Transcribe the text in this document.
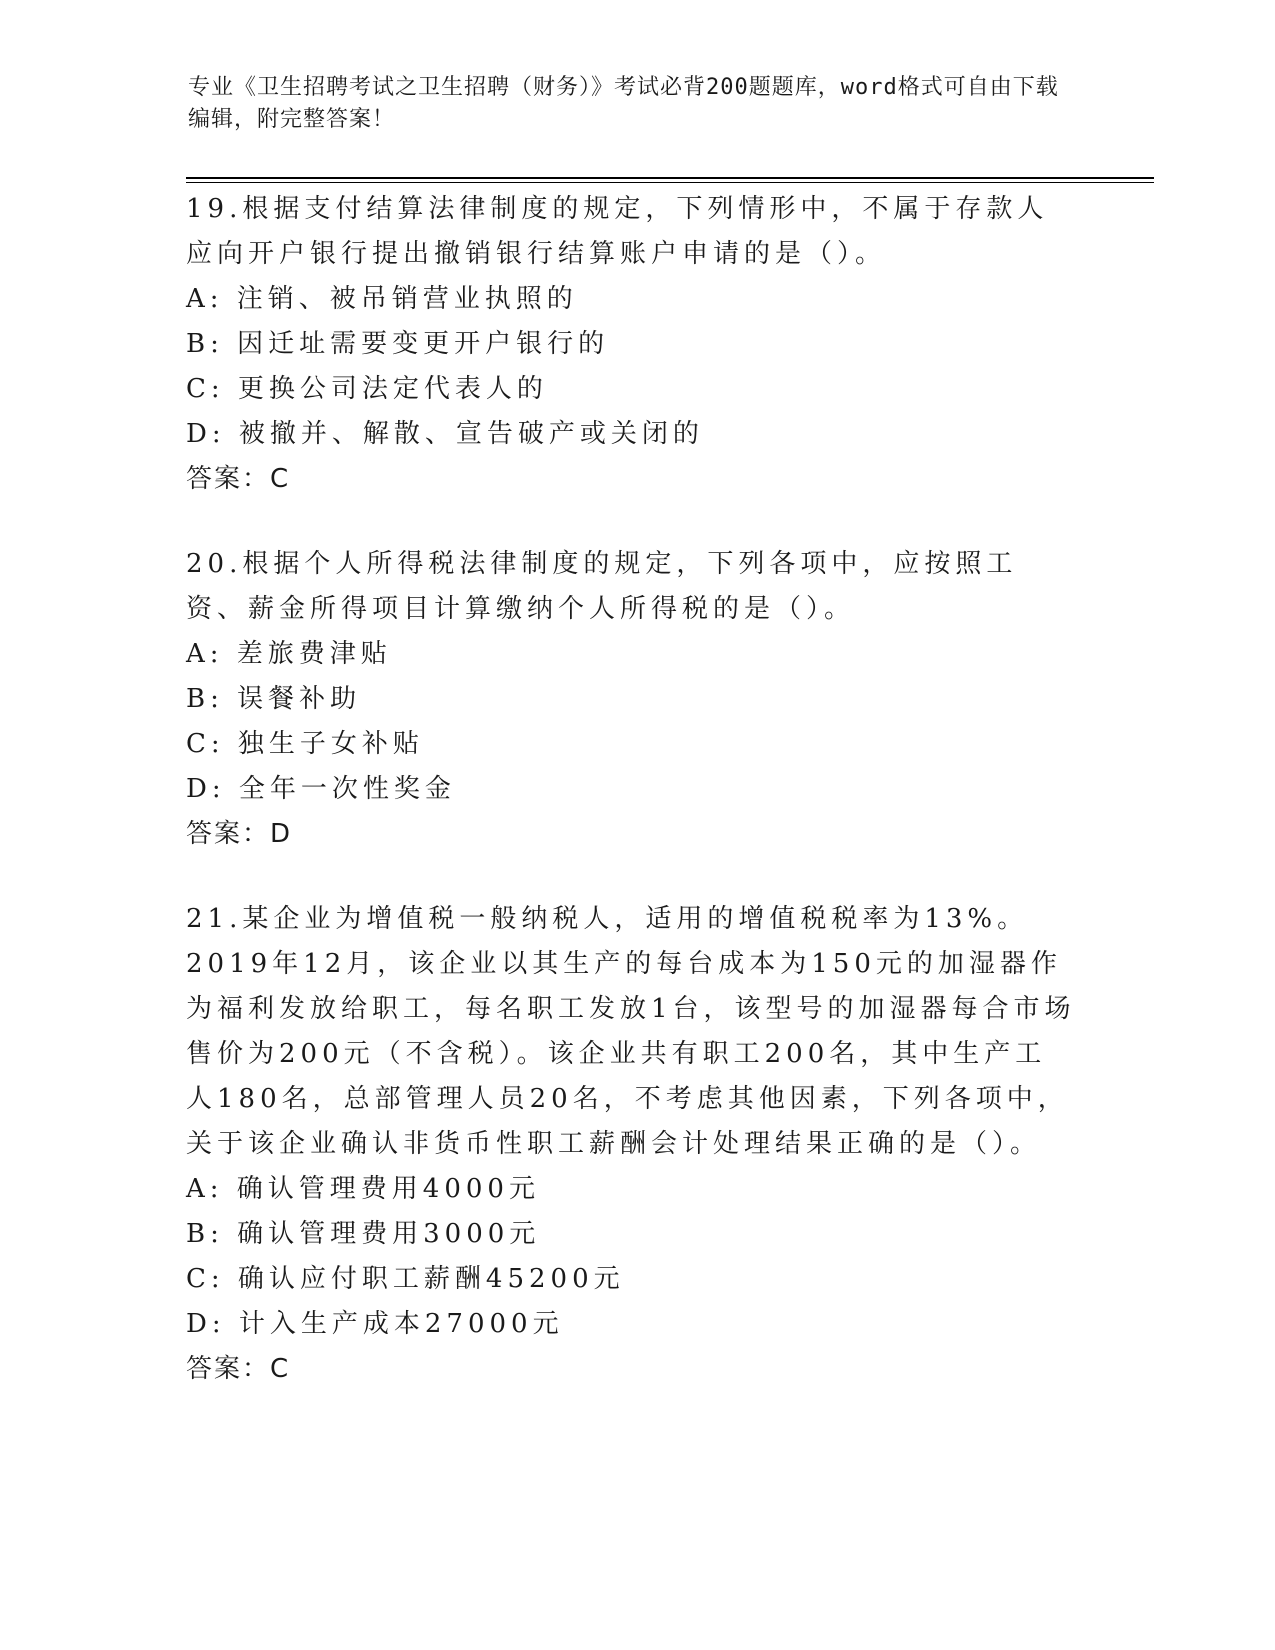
专业《卫生招聘考试之卫生招聘（财务）》考试必背200题题库，word格式可自由下载编辑，附完整答案！

19.根据支付结算法律制度的规定，下列情形中，不属于存款人应向开户银行提出撤销银行结算账户申请的是（）。

A: 注销、被吊销营业执照的

B: 因迁址需要变更开户银行的

C: 更换公司法定代表人的

D: 被撤并、解散、宣告破产或关闭的

答案：C

20.根据个人所得税法律制度的规定，下列各项中，应按照工资、薪金所得项目计算缴纳个人所得税的是（）。

A: 差旅费津贴

B: 误餐补助

C: 独生子女补贴

D: 全年一次性奖金

答案：D

21.某企业为增值税一般纳税人，适用的增值税税率为13%。2019年12月，该企业以其生产的每台成本为150元的加湿器作为福利发放给职工，每名职工发放1台，该型号的加湿器每合市场售价为200元（不含税）。该企业共有职工200名，其中生产工人180名，总部管理人员20名，不考虑其他因素，下列各项中，关于该企业确认非货币性职工薪酬会计处理结果正确的是（）。

A: 确认管理费用4000元

B: 确认管理费用3000元

C: 确认应付职工薪酬45200元

D: 计入生产成本27000元

答案：C
